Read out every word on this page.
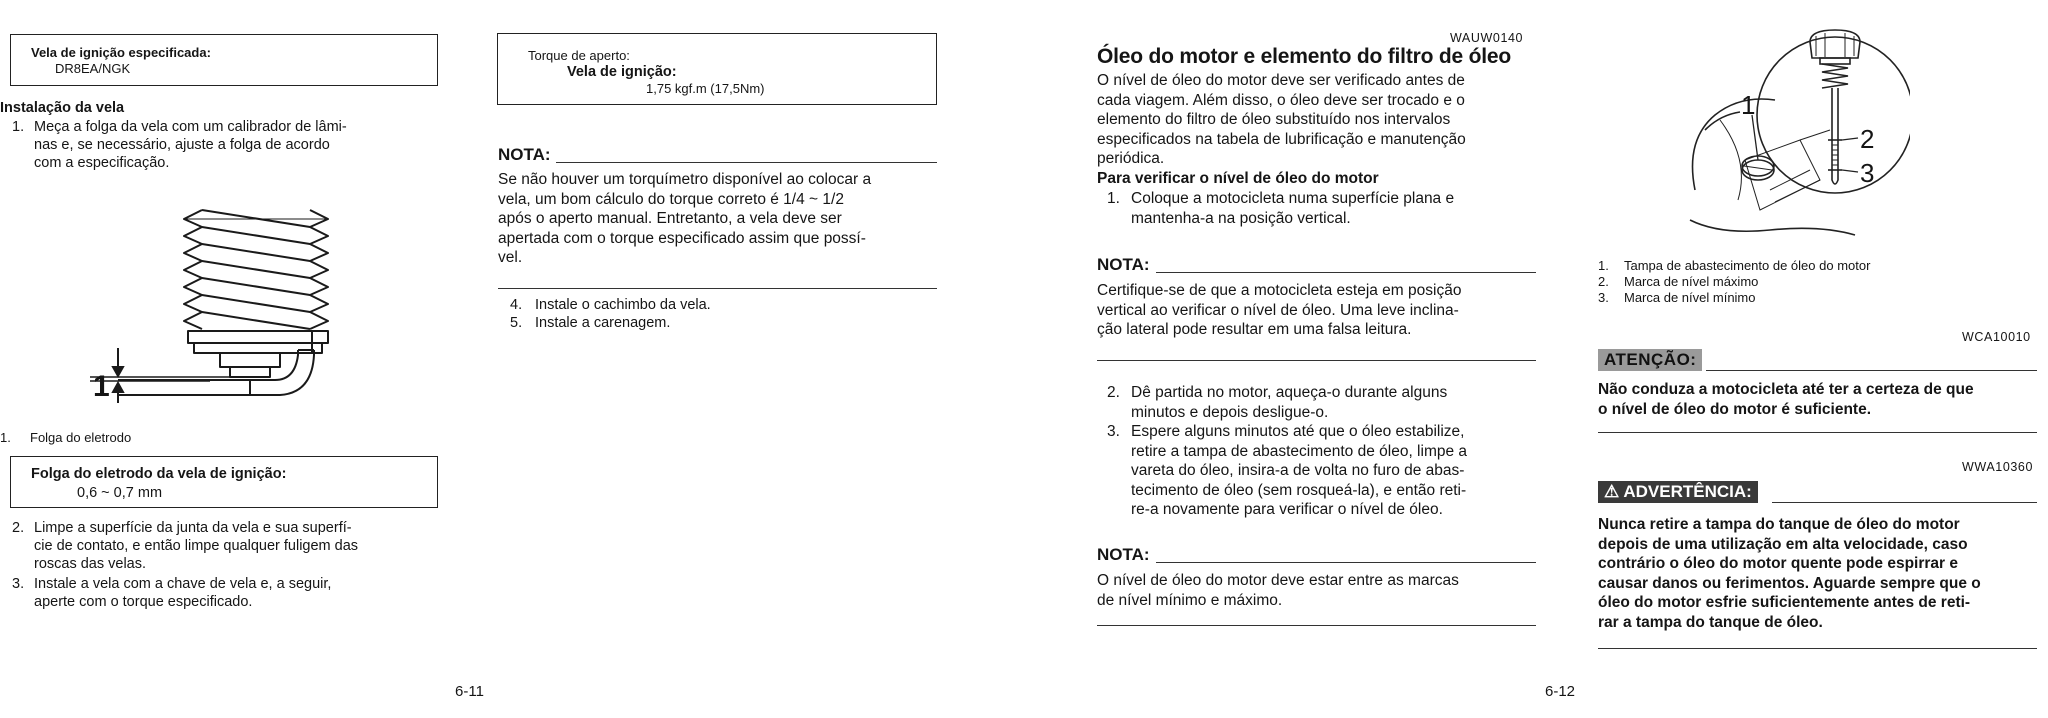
Vela de ignição especificada:
DR8EA/NGK
Instalação da vela
1. Meça a folga da vela com um calibrador de lâmi-
nas e, se necessário, ajuste a folga de acordo
com a especificação.
1
1. Folga do eletrodo
Folga do eletrodo da vela de ignição:
0,6 ~ 0,7 mm
2. Limpe a superfície da junta da vela e sua superfí-
cie de contato, e então limpe qualquer fuligem das
roscas das velas.
3. Instale a vela com a chave de vela e, a seguir,
aperte com o torque especificado.
Torque de aperto:
Vela de ignição:
1,75 kgf.m (17,5Nm)
NOTA:
Se não houver um torquímetro disponível ao colocar a
vela, um bom cálculo do torque correto é 1/4 ~ 1/2
após o aperto manual. Entretanto, a vela deve ser
apertada com o torque especificado assim que possí-
vel.
4. Instale o cachimbo da vela.
5. Instale a carenagem.
6-11
WAUW0140
Óleo do motor e elemento do filtro de óleo
O nível de óleo do motor deve ser verificado antes de
cada viagem. Além disso, o óleo deve ser trocado e o
elemento do filtro de óleo substituído nos intervalos
especificados na tabela de lubrificação e manutenção
periódica.
Para verificar o nível de óleo do motor
1. Coloque a motocicleta numa superfície plana e
mantenha-a na posição vertical.
NOTA:
Certifique-se de que a motocicleta esteja em posição
vertical ao verificar o nível de óleo. Uma leve inclina-
ção lateral pode resultar em uma falsa leitura.
2. Dê partida no motor, aqueça-o durante alguns
minutos e depois desligue-o.
3. Espere alguns minutos até que o óleo estabilize,
retire a tampa de abastecimento de óleo, limpe a
vareta do óleo, insira-a de volta no furo de abas-
tecimento de óleo (sem rosqueá-la), e então reti-
re-a novamente para verificar o nível de óleo.
NOTA:
O nível de óleo do motor deve estar entre as marcas
de nível mínimo e máximo.
1
2
3
1. Tampa de abastecimento de óleo do motor
2. Marca de nível máximo
3. Marca de nível mínimo
WCA10010
ATENÇÃO:
Não conduza a motocicleta até ter a certeza de que
o nível de óleo do motor é suficiente.
WWA10360
⚠ ADVERTÊNCIA:
Nunca retire a tampa do tanque de óleo do motor
depois de uma utilização em alta velocidade, caso
contrário o óleo do motor quente pode espirrar e
causar danos ou ferimentos. Aguarde sempre que o
óleo do motor esfrie suficientemente antes de reti-
rar a tampa do tanque de óleo.
6-12
